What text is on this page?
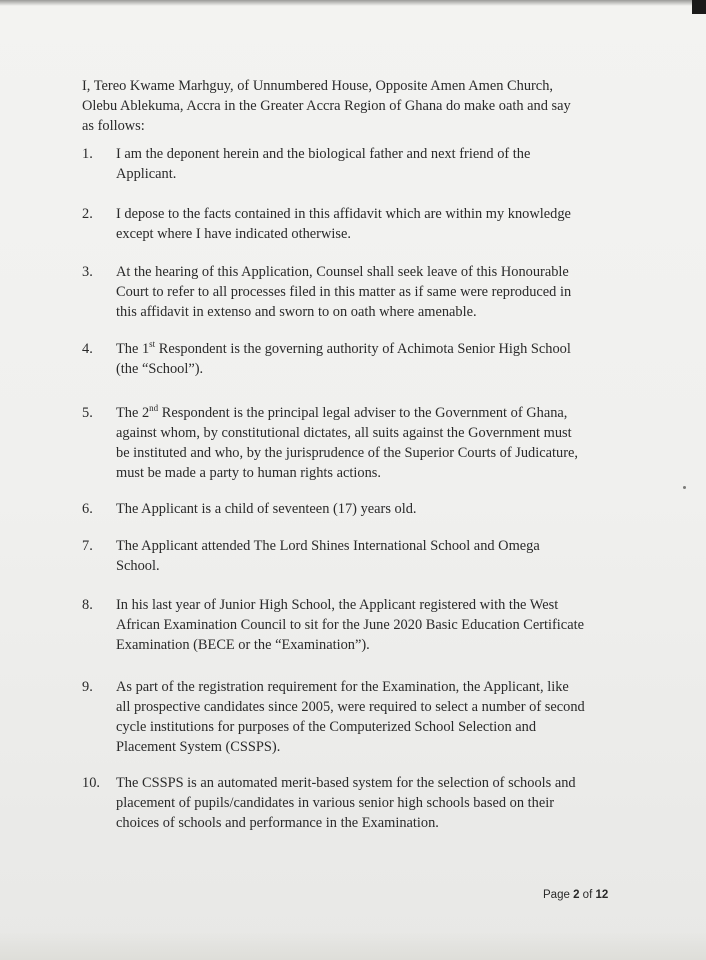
I, Tereo Kwame Marhguy, of Unnumbered House, Opposite Amen Amen Church,
Olebu Ablekuma, Accra in the Greater Accra Region of Ghana do make oath and say
as follows:
1.	I am the deponent herein and the biological father and next friend of the
Applicant.
2.	I depose to the facts contained in this affidavit which are within my knowledge
except where I have indicated otherwise.
3.	At the hearing of this Application, Counsel shall seek leave of this Honourable
Court to refer to all processes filed in this matter as if same were reproduced in
this affidavit in extenso and sworn to on oath where amenable.
4.	The 1st Respondent is the governing authority of Achimota Senior High School
(the “School”).
5.	The 2nd Respondent is the principal legal adviser to the Government of Ghana,
against whom, by constitutional dictates, all suits against the Government must
be instituted and who, by the jurisprudence of the Superior Courts of Judicature,
must be made a party to human rights actions.
6.	The Applicant is a child of seventeen (17) years old.
7.	The Applicant attended The Lord Shines International School and Omega
School.
8.	In his last year of Junior High School, the Applicant registered with the West
African Examination Council to sit for the June 2020 Basic Education Certificate
Examination (BECE or the “Examination”).
9.	As part of the registration requirement for the Examination, the Applicant, like
all prospective candidates since 2005, were required to select a number of second
cycle institutions for purposes of the Computerized School Selection and
Placement System (CSSPS).
10.	The CSSPS is an automated merit-based system for the selection of schools and
placement of pupils/candidates in various senior high schools based on their
choices of schools and performance in the Examination.
Page 2 of 12
